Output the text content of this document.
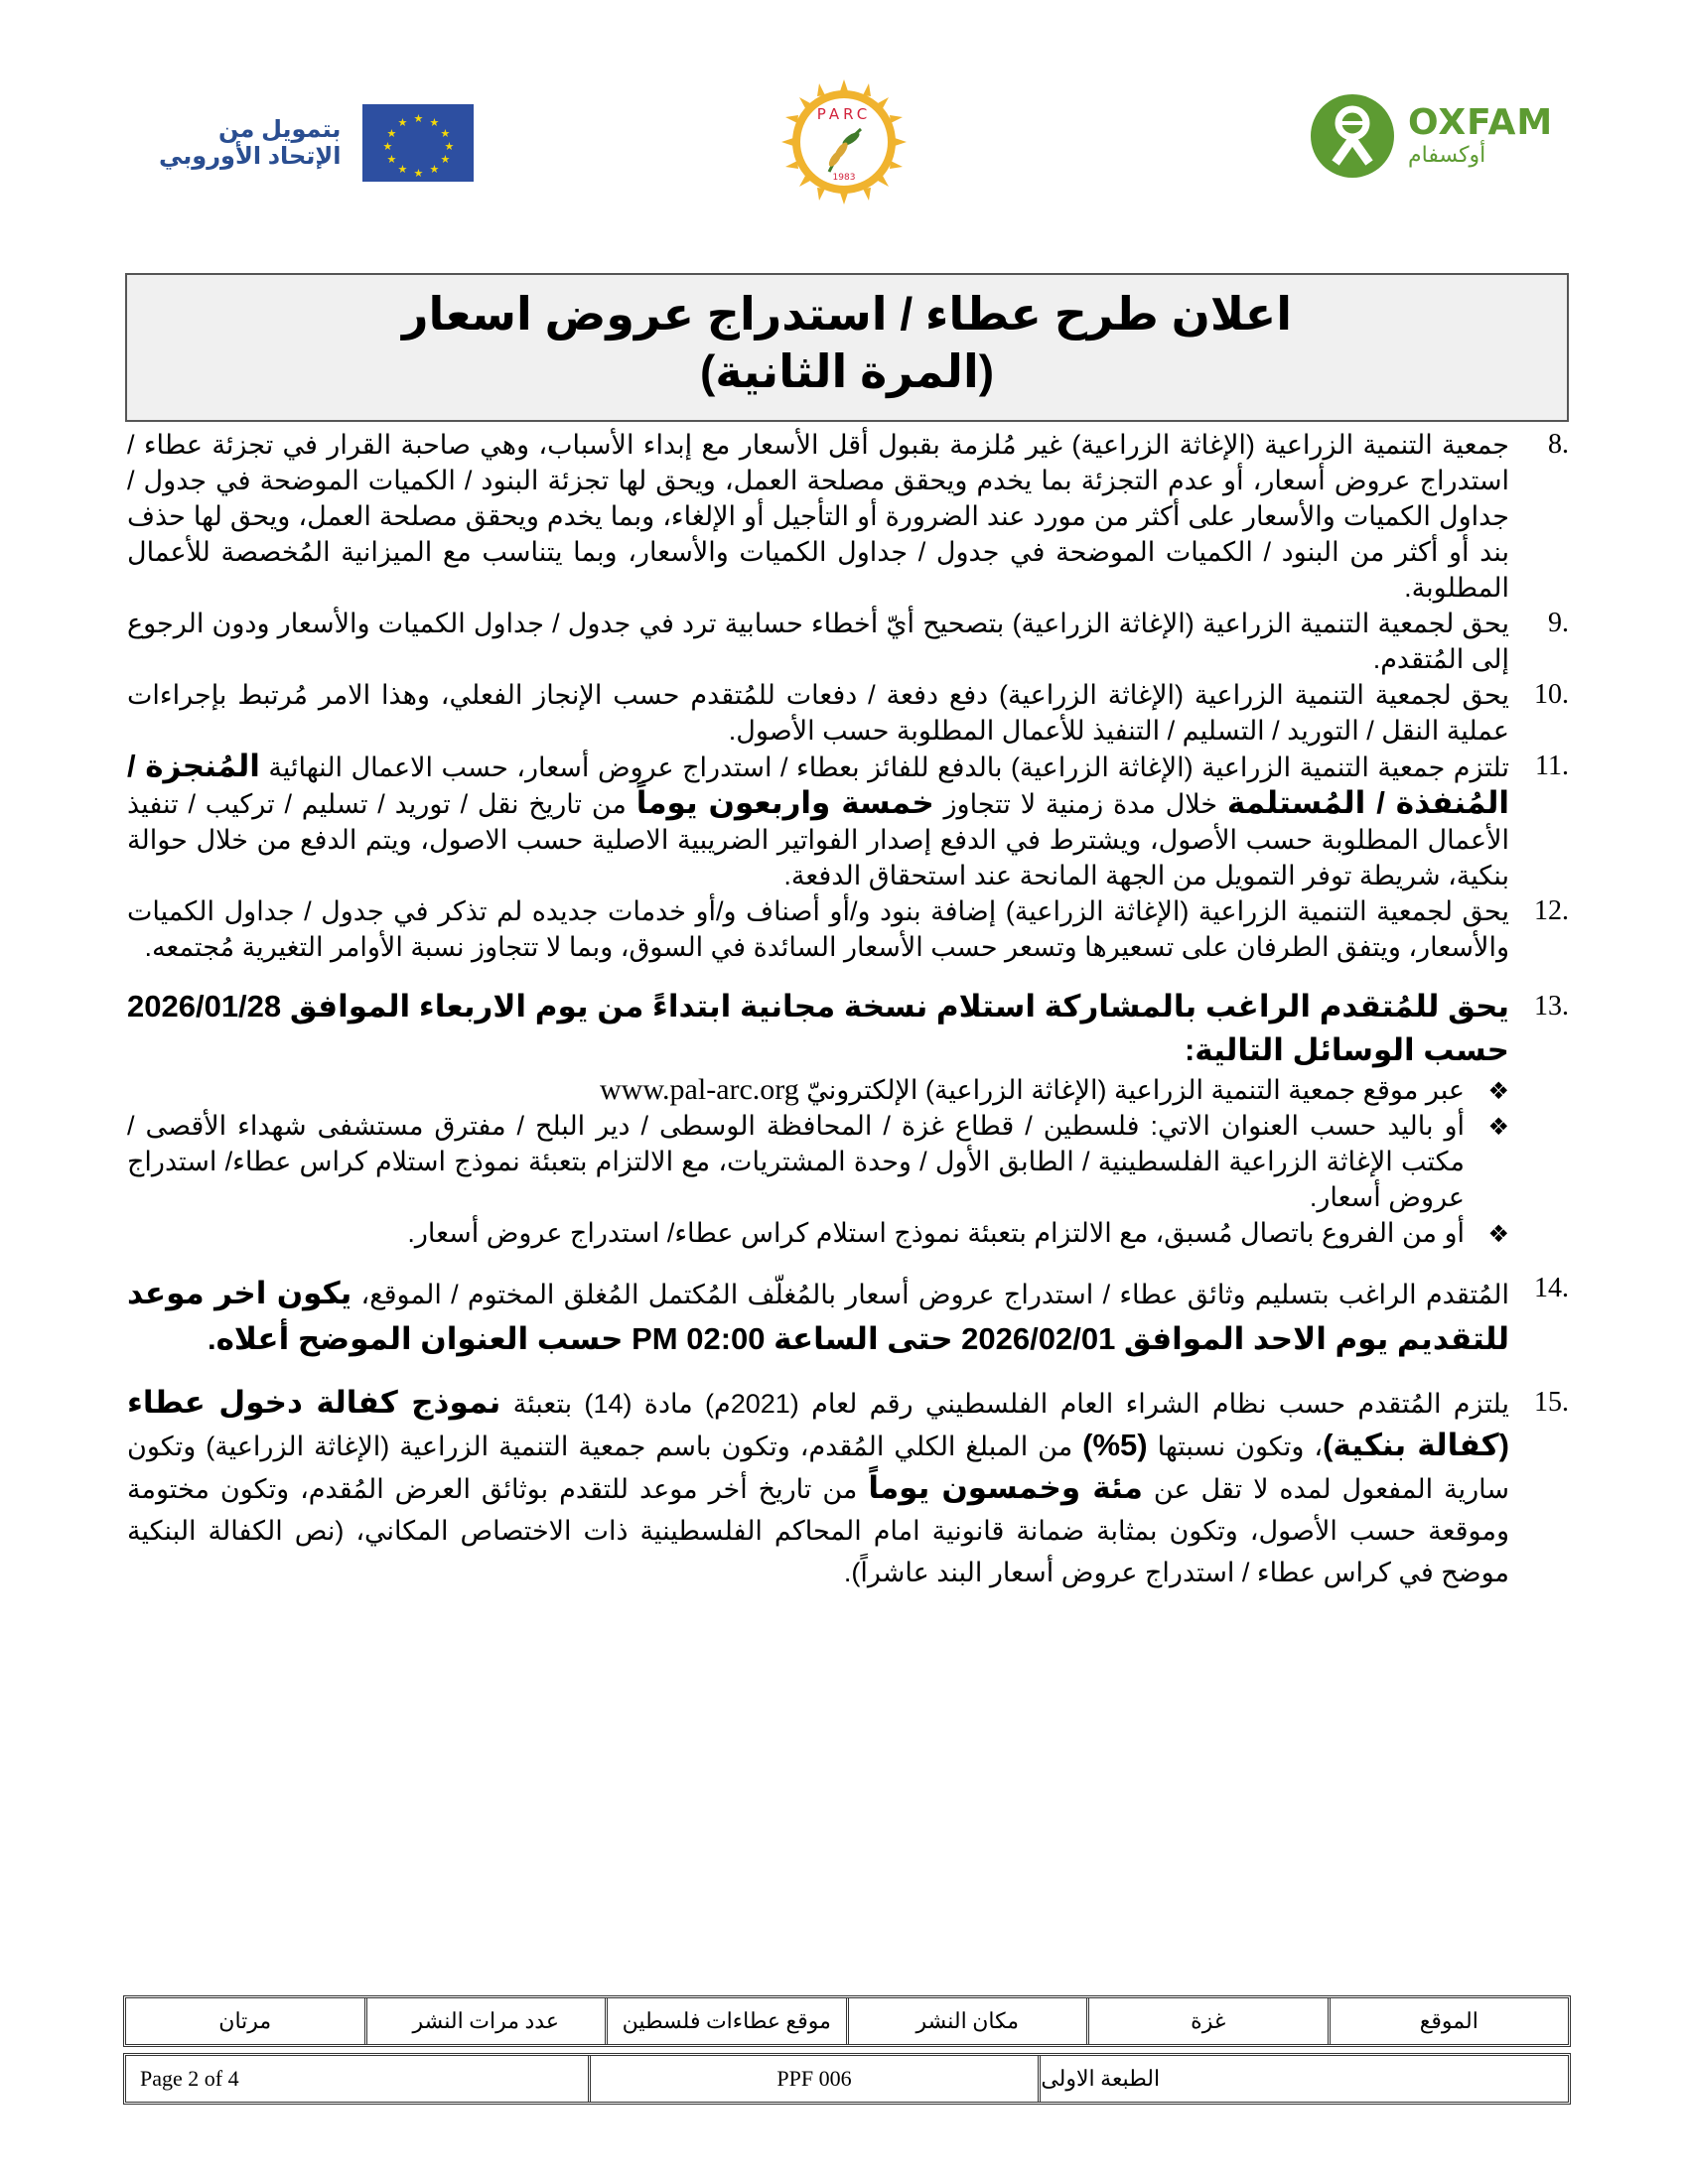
★ ★
★
★
★
★
★
★
★
★
★
★
بتمويل من
الإتحاد الأوروبي
PARC
1983
OXFAM
أوكسفام
اعلان طرح عطاء / استدراج عروض اسعار
(المرة الثانية)
8.
جمعية التنمية الزراعية (الإغاثة الزراعية) غير مُلزمة بقبول أقل الأسعار مع إبداء الأسباب، وهي صاحبة القرار في تجزئة عطاء / استدراج عروض أسعار، أو عدم التجزئة بما يخدم ويحقق مصلحة العمل، ويحق لها تجزئة البنود / الكميات الموضحة في جدول / جداول الكميات والأسعار على أكثر من مورد عند الضرورة أو التأجيل أو الإلغاء، وبما يخدم ويحقق مصلحة العمل، ويحق لها حذف بند أو أكثر من البنود / الكميات الموضحة في جدول / جداول الكميات والأسعار، وبما يتناسب مع الميزانية المُخصصة للأعمال المطلوبة.
9.
يحق لجمعية التنمية الزراعية (الإغاثة الزراعية) بتصحيح أيّ أخطاء حسابية ترد في جدول / جداول الكميات والأسعار ودون الرجوع إلى المُتقدم.
10.
يحق لجمعية التنمية الزراعية (الإغاثة الزراعية) دفع دفعة / دفعات للمُتقدم حسب الإنجاز الفعلي، وهذا الامر مُرتبط بإجراءات عملية النقل / التوريد / التسليم / التنفيذ للأعمال المطلوبة حسب الأصول.
11.
تلتزم جمعية التنمية الزراعية (الإغاثة الزراعية) بالدفع للفائز بعطاء / استدراج عروض أسعار، حسب الاعمال النهائية المُنجزة / المُنفذة / المُستلمة خلال مدة زمنية لا تتجاوز خمسة واربعون يوماً من تاريخ نقل / توريد / تسليم / تركيب / تنفيذ الأعمال المطلوبة حسب الأصول، ويشترط في الدفع إصدار الفواتير الضريبية الاصلية حسب الاصول، ويتم الدفع من خلال حوالة بنكية، شريطة توفر التمويل من الجهة المانحة عند استحقاق الدفعة.
12.
يحق لجمعية التنمية الزراعية (الإغاثة الزراعية) إضافة بنود و/أو أصناف و/أو خدمات جديده لم تذكر في جدول / جداول الكميات والأسعار، ويتفق الطرفان على تسعيرها وتسعر حسب الأسعار السائدة في السوق، وبما لا تتجاوز نسبة الأوامر التغيرية مُجتمعه.
13.
يحق للمُتقدم الراغب بالمشاركة استلام نسخة مجانية ابتداءً من يوم الاربعاء الموافق 2026/01/28 حسب الوسائل التالية:
❖
عبر موقع جمعية التنمية الزراعية (الإغاثة الزراعية) الإلكترونيّ www.pal-arc.org
❖
أو باليد حسب العنوان الاتي: فلسطين / قطاع غزة / المحافظة الوسطى / دير البلح / مفترق مستشفى شهداء الأقصى / مكتب الإغاثة الزراعية الفلسطينية / الطابق الأول / وحدة المشتريات، مع الالتزام بتعبئة نموذج استلام كراس عطاء/ استدراج عروض أسعار.
❖
أو من الفروع باتصال مُسبق، مع الالتزام بتعبئة نموذج استلام كراس عطاء/ استدراج عروض أسعار.
14.
المُتقدم الراغب بتسليم وثائق عطاء / استدراج عروض أسعار بالمُغلّف المُكتمل المُغلق المختوم / الموقع، يكون اخر موعد للتقديم يوم الاحد الموافق 2026/02/01 حتى الساعة 02:00 PM حسب العنوان الموضح أعلاه.
15.
يلتزم المُتقدم حسب نظام الشراء العام الفلسطيني رقم لعام (2021م) مادة (14) بتعبئة نموذج كفالة دخول عطاء (كفالة بنكية)، وتكون نسبتها (5%) من المبلغ الكلي المُقدم، وتكون باسم جمعية التنمية الزراعية (الإغاثة الزراعية) وتكون سارية المفعول لمده لا تقل عن مئة وخمسون يوماً من تاريخ أخر موعد للتقدم بوثائق العرض المُقدم، وتكون مختومة وموقعة حسب الأصول، وتكون بمثابة ضمانة قانونية امام المحاكم الفلسطينية ذات الاختصاص المكاني، (نص الكفالة البنكية موضح في كراس عطاء / استدراج عروض أسعار البند عاشراً).
الموقع
غزة
مكان النشر
موقع عطاءات فلسطين
عدد مرات النشر
مرتان
الطبعة الاولى
PPF 006
Page 2 of 4
